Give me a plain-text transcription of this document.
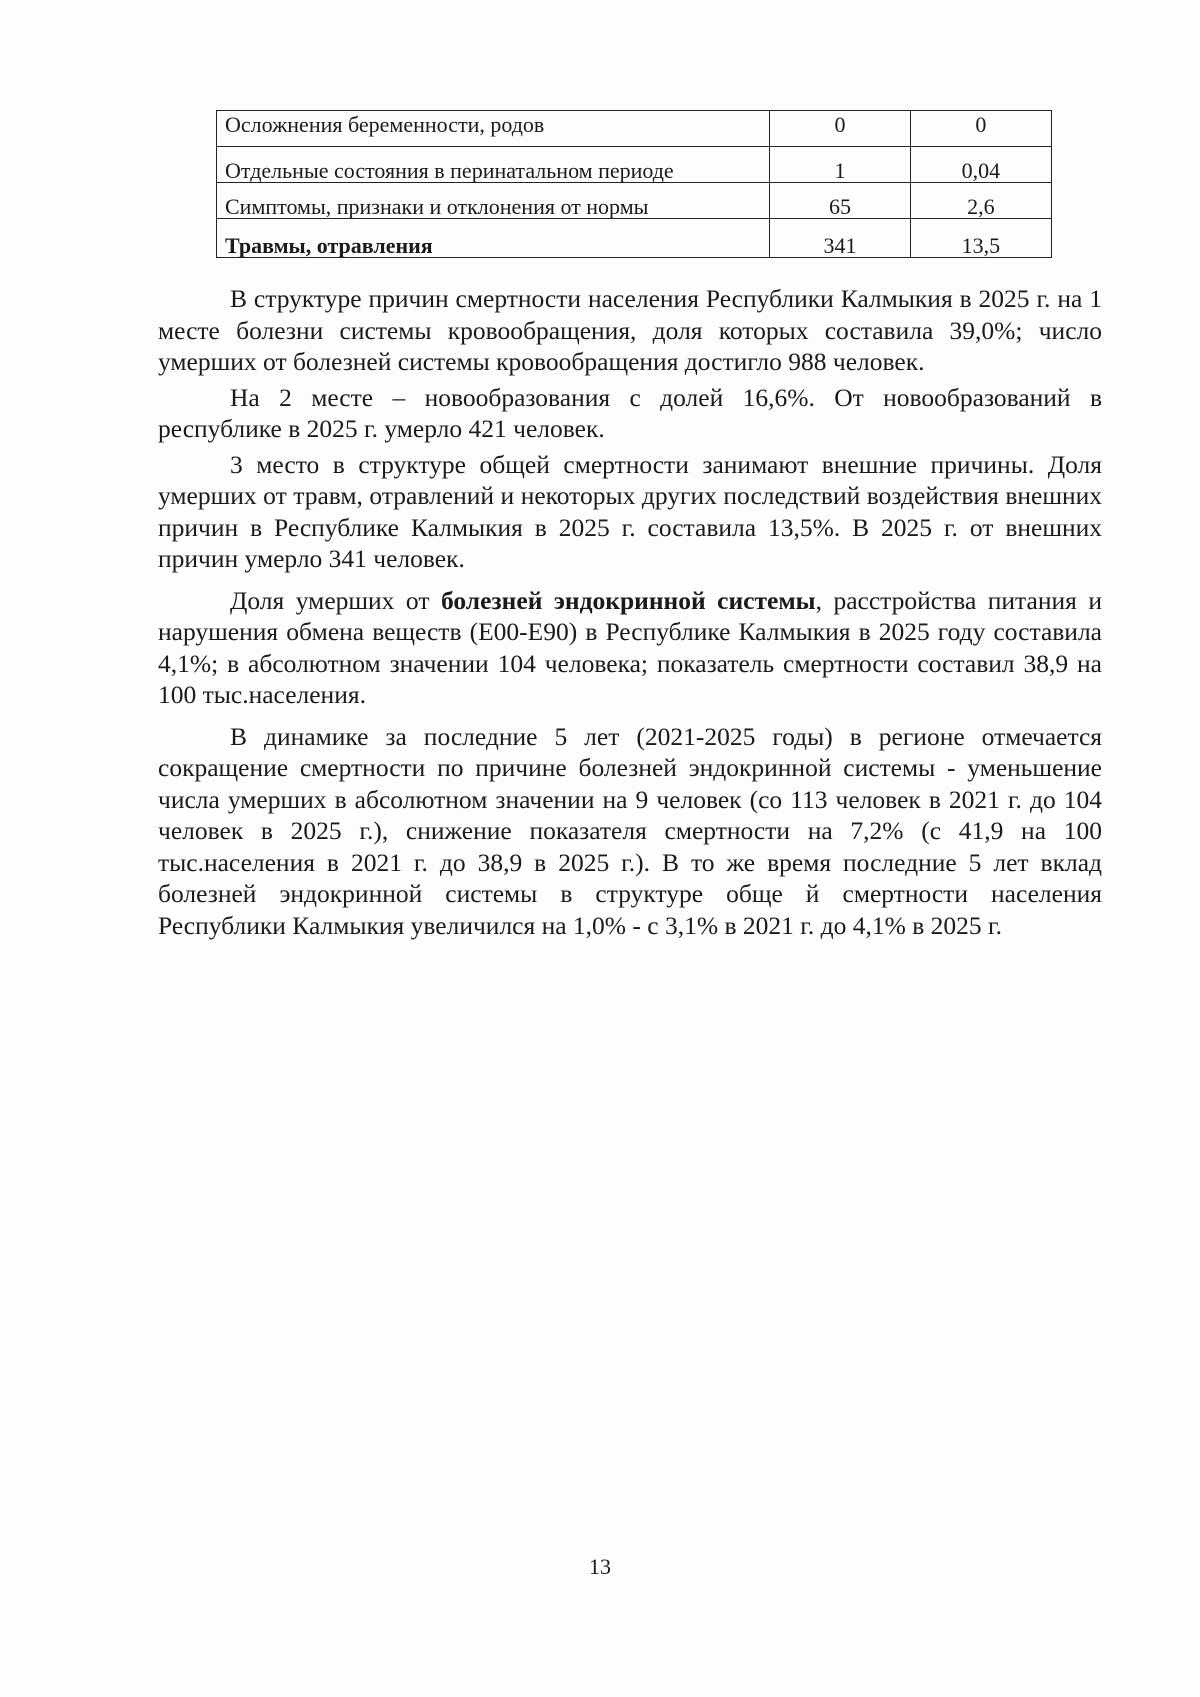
Осложнения беременности, родов	0	0
Отдельные состояния в перинатальном периоде	1	0,04
Симптомы, признаки и отклонения от нормы	65	2,6
Травмы, отравления	341	13,5

В структуре причин смертности населения Республики Калмыкия в 2025 г. на 1 месте болезни системы кровообращения, доля которых составила 39,0%; число умерших от болезней системы кровообращения достигло 988 человек.

На 2 месте – новообразования с долей 16,6%. От новообразований в республике в 2025 г. умерло 421 человек.

3 место в структуре общей смертности занимают внешние причины. Доля умерших от травм, отравлений и некоторых других последствий воздействия внешних причин в Республике Калмыкия в 2025 г. составила 13,5%. В 2025 г. от внешних причин умерло 341 человек.

Доля умерших от болезней эндокринной системы, расстройства питания и нарушения обмена веществ (Е00-Е90) в Республике Калмыкия в 2025 году составила 4,1%; в абсолютном значении 104 человека; показатель смертности составил 38,9 на 100 тыс.населения.

В динамике за последние 5 лет (2021-2025 годы) в регионе отмечается сокращение смертности по причине болезней эндокринной системы - уменьшение числа умерших в абсолютном значении на 9 человек (со 113 человек в 2021 г. до 104 человек в 2025 г.), снижение показателя смертности на 7,2% (с 41,9 на 100 тыс.населения в 2021 г. до 38,9 в 2025 г.). В то же время последние 5 лет вклад болезней эндокринной системы в структуре обще й смертности населения Республики Калмыкия увеличился на 1,0% - с 3,1% в 2021 г. до 4,1% в 2025 г.

13
